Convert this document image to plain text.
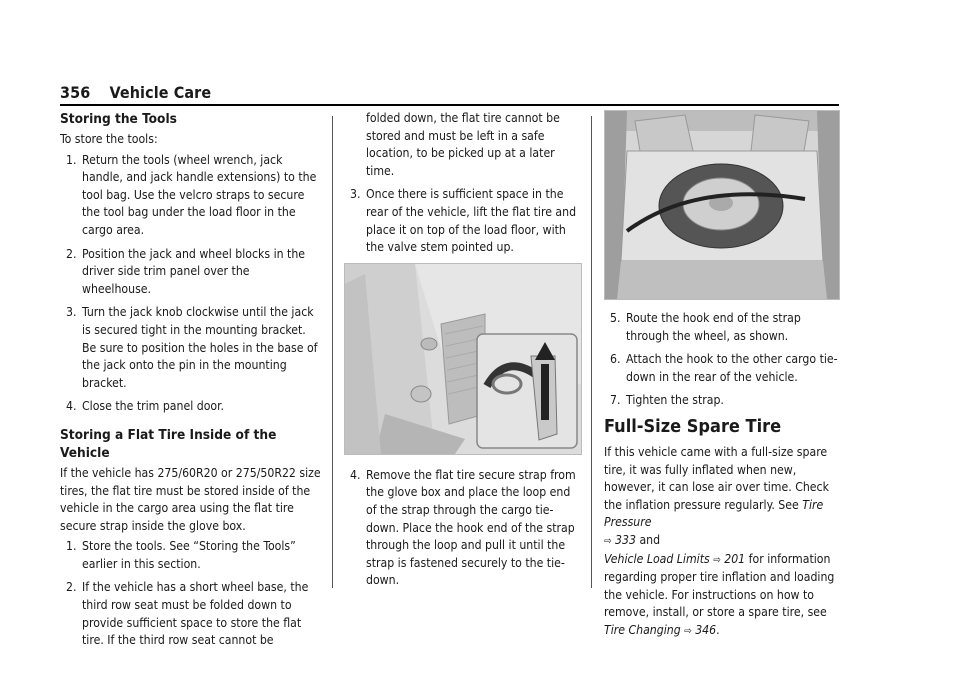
356 Vehicle Care
Storing the Tools

To store the tools:

1. Return the tools (wheel wrench, jack handle, and jack handle extensions) to the tool bag. Use the velcro straps to secure the tool bag under the load floor in the cargo area.
2. Position the jack and wheel blocks in the driver side trim panel over the wheelhouse.
3. Turn the jack knob clockwise until the jack is secured tight in the mounting bracket. Be sure to position the holes in the base of the jack onto the pin in the mounting bracket.
4. Close the trim panel door.
Storing a Flat Tire Inside of the Vehicle

If the vehicle has 275/60R20 or 275/50R22 size tires, the flat tire must be stored inside of the vehicle in the cargo area using the flat tire secure strap inside the glove box.

1. Store the tools. See “Storing the Tools” earlier in this section.
2. If the vehicle has a short wheel base, the third row seat must be folded down to provide sufficient space to store the flat tire. If the third row seat cannot be
folded down, the flat tire cannot be stored and must be left in a safe location, to be picked up at a later time.
3. Once there is sufficient space in the rear of the vehicle, lift the flat tire and place it on top of the load floor, with the valve stem pointed up.
4. Remove the flat tire secure strap from the glove box and place the loop end of the strap through the cargo tie-down. Place the hook end of the strap through the loop and pull it until the strap is fastened securely to the tie-down.
5. Route the hook end of the strap through the wheel, as shown.
6. Attach the hook to the other cargo tie-down in the rear of the vehicle.
7. Tighten the strap.
Full-Size Spare Tire

If this vehicle came with a full-size spare tire, it was fully inflated when new, however, it can lose air over time. Check the inflation pressure regularly. See Tire Pressure
⇨ 333 and
Vehicle Load Limits ⇨ 201 for information regarding proper tire inflation and loading the vehicle. For instructions on how to remove, install, or store a spare tire, see Tire Changing ⇨ 346.
